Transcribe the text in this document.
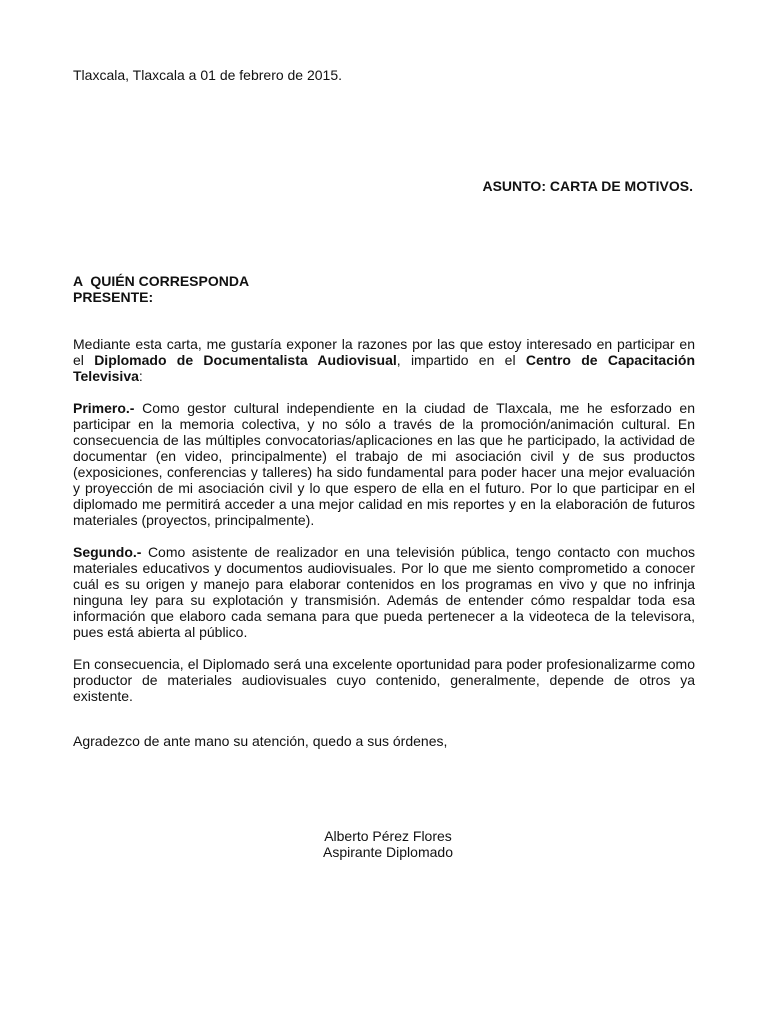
Tlaxcala, Tlaxcala a 01 de febrero de 2015.
ASUNTO: CARTA DE MOTIVOS.
A  QUIÉN CORRESPONDA
PRESENTE:

Mediante esta carta, me gustaría exponer la razones por las que estoy interesado en participar en el Diplomado de Documentalista Audiovisual, impartido en el Centro de Capacitación Televisiva:

Primero.- Como gestor cultural independiente en la ciudad de Tlaxcala, me he esforzado en participar en la memoria colectiva, y no sólo a través de la promoción/animación cultural. En consecuencia de las múltiples convocatorias/aplicaciones en las que he participado, la actividad de documentar (en video, principalmente) el trabajo de mi asociación civil y de sus productos (exposiciones, conferencias y talleres) ha sido fundamental para poder hacer una mejor evaluación y proyección de mi asociación civil y lo que espero de ella en el futuro. Por lo que participar en el diplomado me permitirá acceder a una mejor calidad en mis reportes y en la elaboración de futuros materiales (proyectos, principalmente).

Segundo.- Como asistente de realizador en una televisión pública, tengo contacto con muchos materiales educativos y documentos audiovisuales. Por lo que me siento comprometido a conocer cuál es su origen y manejo para elaborar contenidos en los programas en vivo y que no infrinja ninguna ley para su explotación y transmisión. Además de entender cómo respaldar toda esa información que elaboro cada semana para que pueda pertenecer a la videoteca de la televisora, pues está abierta al público.

En consecuencia, el Diplomado será una excelente oportunidad para poder profesionalizarme como productor de materiales audiovisuales cuyo contenido, generalmente, depende de otros ya existente.

Agradezco de ante mano su atención, quedo a sus órdenes,
Alberto Pérez Flores
Aspirante Diplomado
